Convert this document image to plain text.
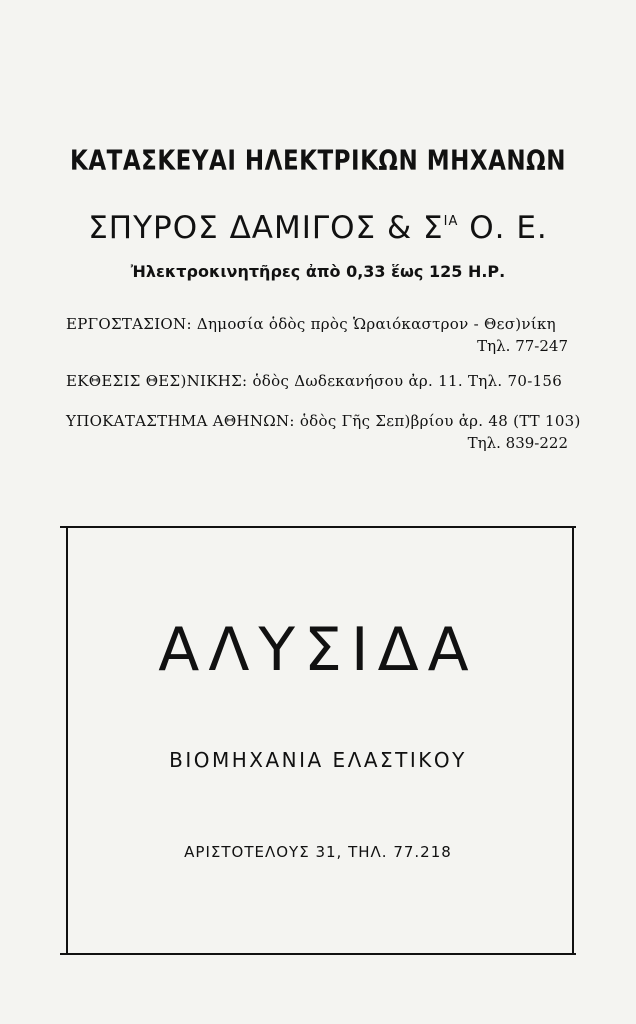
ΚΑΤΑΣΚΕΥΑΙ ΗΛΕΚΤΡΙΚΩΝ ΜΗΧΑΝΩΝ
ΣΠΥΡΟΣ ΔΑΜΙΓΟΣ & $\Sigma^{IA}$ Ο. Ε.
Ἠλεκτροκινητῆρες ἀπὸ 0,33 ἕως 125 Η.Ρ.
ΕΡΓΟΣΤΑΣΙΟΝ: Δημοσία ὁδὸς πρὸς Ὡραιόκαστρον - Θεσ)νίκη
Τηλ. 77-247
ΕΚΘΕΣΙΣ ΘΕΣ)ΝΙΚΗΣ: ὁδὸς Δωδεκανήσου ἀρ. 11. Τηλ. 70-156
ΥΠΟΚΑΤΑΣΤΗΜΑ ΑΘΗΝΩΝ: ὁδὸς Γῆς Σεπ)βρίου ἀρ. 48 (ΤΤ 103)
Τηλ. 839-222
ΑΛΥΣΙΔΑ
ΒΙΟΜΗΧΑΝΙΑ ΕΛΑΣΤΙΚΟΥ
ΑΡΙΣΤΟΤΕΛΟΥΣ 31, ΤΗΛ. 77.218
